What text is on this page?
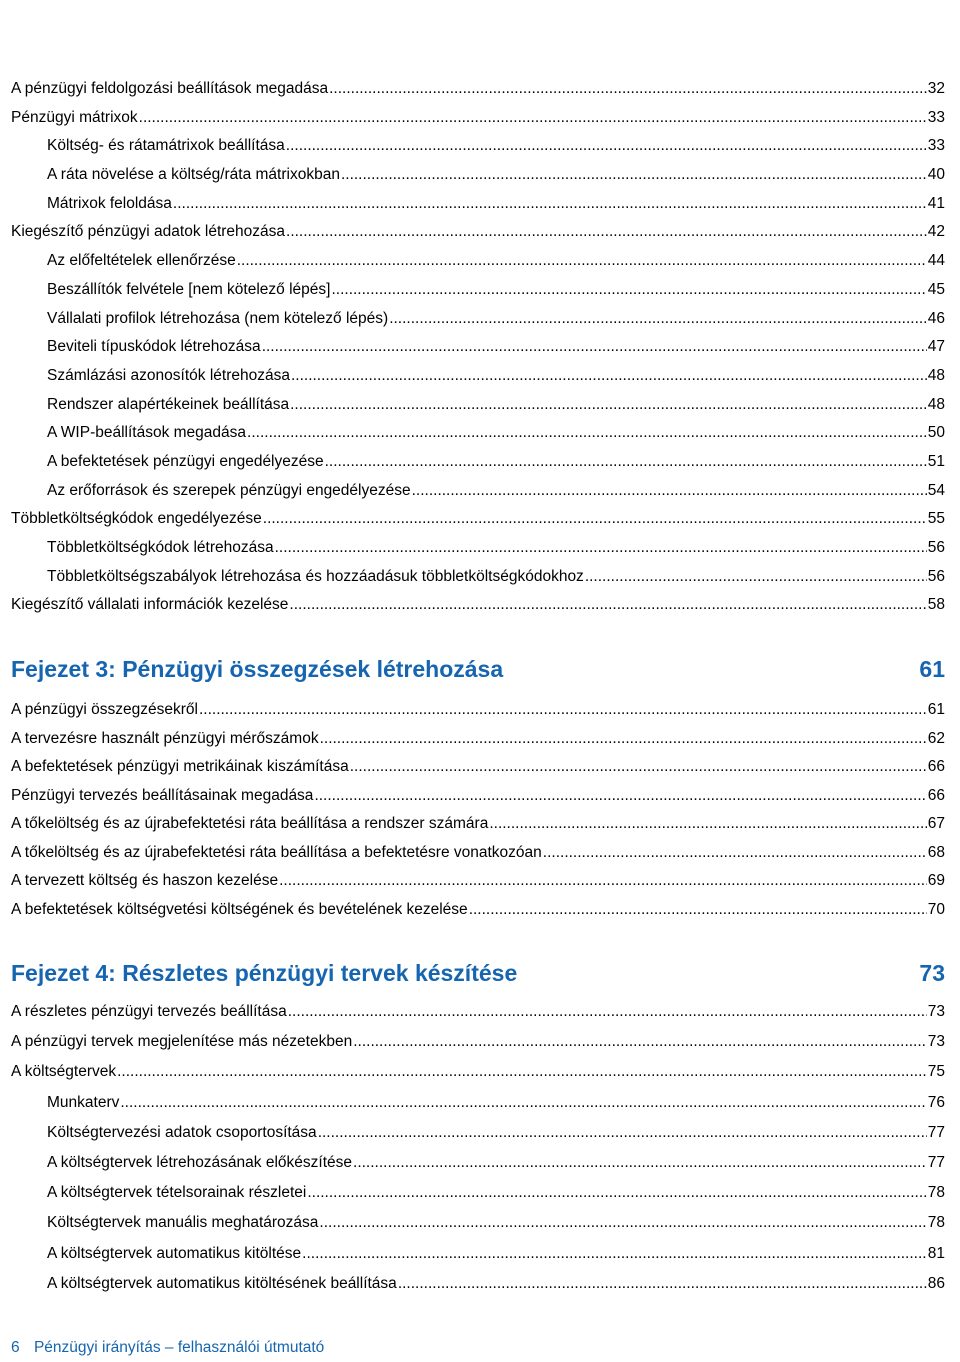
A pénzügyi feldolgozási beállítások megadása .....	32
Pénzügyi mátrixok .....	33
Költség- és rátamátrixok beállítása .....	33
A ráta növelése a költség/ráta mátrixokban .....	40
Mátrixok feloldása .....	41
Kiegészítő pénzügyi adatok létrehozása .....	42
Az előfeltételek ellenőrzése .....	44
Beszállítók felvétele [nem kötelező lépés] .....	45
Vállalati profilok létrehozása (nem kötelező lépés) .....	46
Beviteli típuskódok létrehozása .....	47
Számlázási azonosítók létrehozása .....	48
Rendszer alapértékeinek beállítása .....	48
A WIP-beállítások megadása .....	50
A befektetések pénzügyi engedélyezése .....	51
Az erőforrások és szerepek pénzügyi engedélyezése .....	54
Többletköltségkódok engedélyezése .....	55
Többletköltségkódok létrehozása .....	56
Többletköltségszabályok létrehozása és hozzáadásuk többletköltségkódokhoz .....	56
Kiegészítő vállalati információk kezelése .....	58
Fejezet 3: Pénzügyi összegzések létrehozása	61
A pénzügyi összegzésekről .....	61
A tervezésre használt pénzügyi mérőszámok .....	62
A befektetések pénzügyi metrikáinak kiszámítása .....	66
Pénzügyi tervezés beállításainak megadása .....	66
A tőkelöltség és az újrabefektetési ráta beállítása a rendszer számára .....	67
A tőkelöltség és az újrabefektetési ráta beállítása a befektetésre vonatkozóan .....	68
A tervezett költség és haszon kezelése .....	69
A befektetések költségvetési költségének és bevételének kezelése .....	70
Fejezet 4: Részletes pénzügyi tervek készítése	73
A részletes pénzügyi tervezés beállítása .....	73
A pénzügyi tervek megjelenítése más nézetekben .....	73
A költségtervek .....	75
Munkaterv .....	76
Költségtervezési adatok csoportosítása .....	77
A költségtervek létrehozásának előkészítése .....	77
A költségtervek tételsorainak részletei .....	78
Költségtervek manuális meghatározása .....	78
A költségtervek automatikus kitöltése .....	81
A költségtervek automatikus kitöltésének beállítása .....	86
6 Pénzügyi irányítás – felhasználói útmutató
